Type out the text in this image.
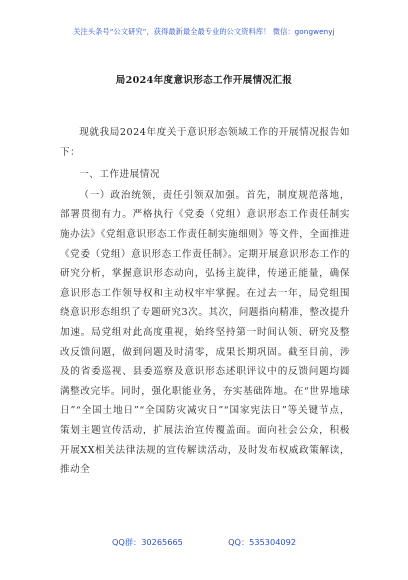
关注头条号“公文研究”，获得最新最全最专业的公文资料库！ 微信：gongwenyj
局2024年度意识形态工作开展情况汇报

现就我局2024年度关于意识形态领域工作的开展情况报告如下：

一、工作进展情况

（一）政治统领，责任引领双加强。首先，制度规范落地，部署贯彻有力。严格执行《党委（党组）意识形态工作责任制实施办法》《党组意识形态工作责任制实施细则》等文件，全面推进《党委（党组）意识形态工作责任制》。定期开展意识形态工作的研究分析，掌握意识形态动向，弘扬主旋律，传递正能量，确保意识形态工作领导权和主动权牢牢掌握。在过去一年，局党组围绕意识形态组织了专题研究3次。其次，问题指向精准，整改提升加速。局党组对此高度重视，始终坚持第一时间认领、研究及整改反馈问题，做到问题及时清零，成果长期巩固。截至目前，涉及的省委巡视、县委巡察及意识形态述职评议中的反馈问题均圆满整改完毕。同时，强化职能业务，夯实基础阵地。在“世界地球日”“全国土地日”“全国防灾减灾日”“国家宪法日”等关键节点，策划主题宣传活动，扩展法治宣传覆盖面。面向社会公众，积极开展XX相关法律法规的宣传解读活动，及时发布权威政策解读，推动全

QQ群：30265665	QQ：535304092
